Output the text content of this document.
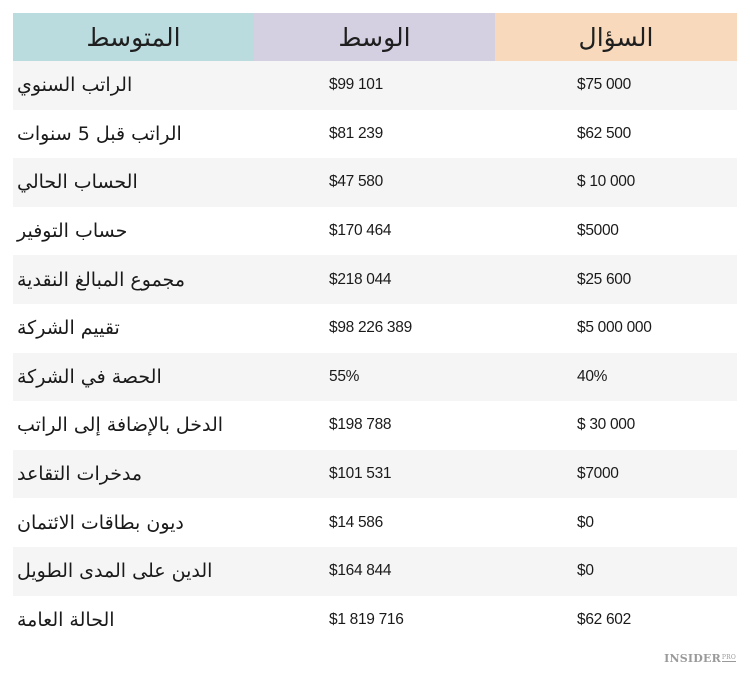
المتوسط	الوسط	السؤال
الراتب السنوي	$99 101	$75 000
الراتب قبل 5 سنوات	$81 239	$62 500
الحساب الحالي	$47 580	$ 10 000
حساب التوفير	$170 464	$5000
مجموع المبالغ النقدية	$218 044	$25 600
تقييم الشركة	$98 226 389	$5 000 000
الحصة في الشركة	55%	40%
الدخل بالإضافة إلى الراتب	$198 788	$ 30 000
مدخرات التقاعد	$101 531	$7000
ديون بطاقات الائتمان	$14 586	$0
الدين على المدى الطويل	$164 844	$0
الحالة العامة	$1 819 716	$62 602
$INSIDER^{PRO}$
